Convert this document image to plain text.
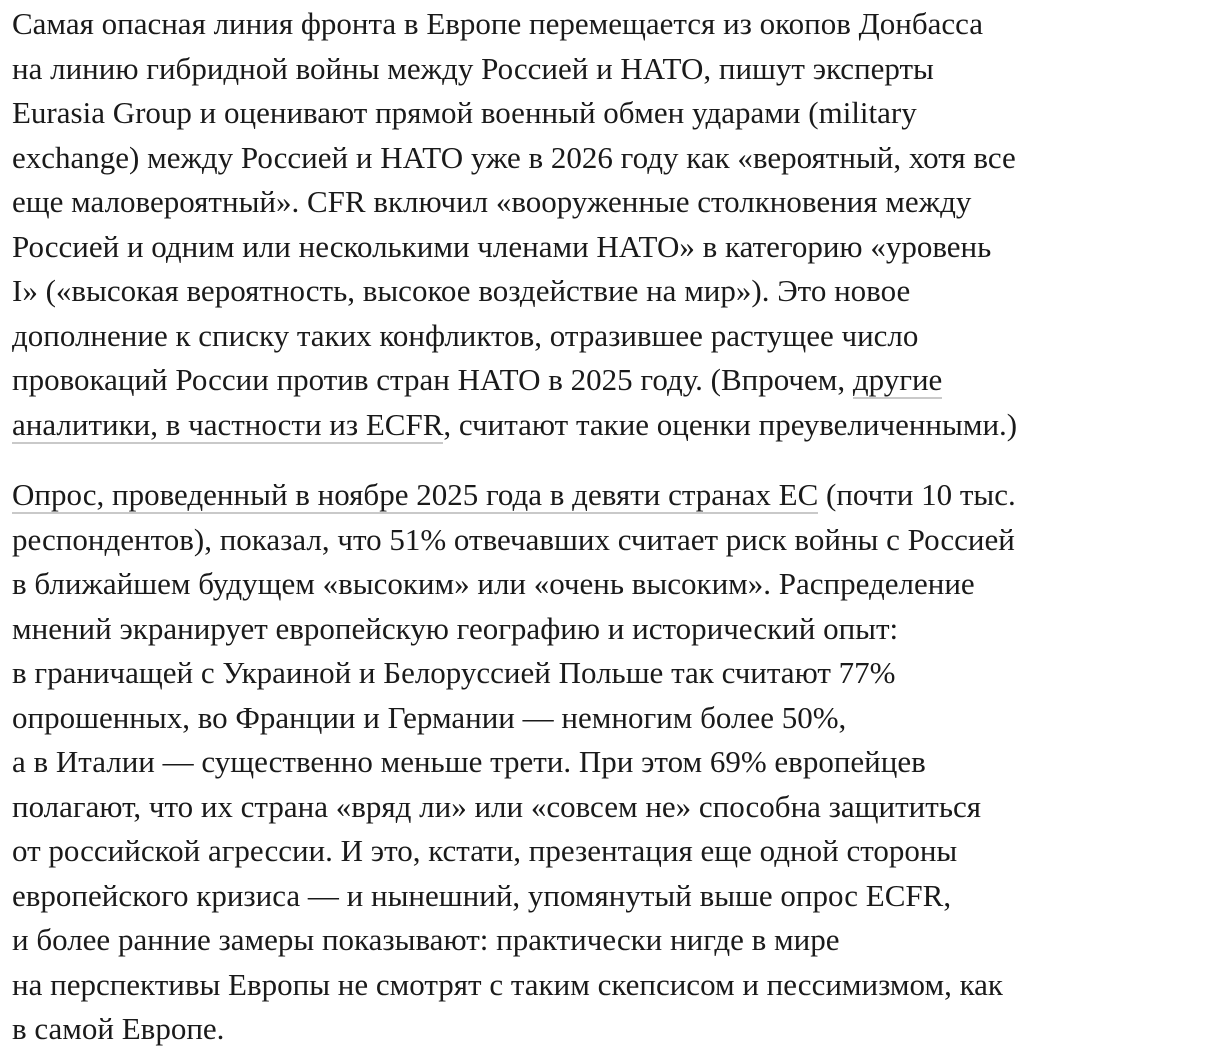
Самая опасная линия фронта в Европе перемещается из окопов Донбасса
на линию гибридной войны между Россией и НАТО, пишут эксперты
Eurasia Group и оценивают прямой военный обмен ударами (military
exchange) между Россией и НАТО уже в 2026 году как «вероятный, хотя все
еще маловероятный». CFR включил «вооруженные столкновения между
Россией и одним или несколькими членами НАТО» в категорию «уровень
I» («высокая вероятность, высокое воздействие на мир»). Это новое
дополнение к списку таких конфликтов, отразившее растущее число
провокаций России против стран НАТО в 2025 году. (Впрочем, другие
аналитики, в частности из ECFR, считают такие оценки преувеличенными.)

Опрос, проведенный в ноябре 2025 года в девяти странах ЕС (почти 10 тыс.
респондентов), показал, что 51% отвечавших считает риск войны с Россией
в ближайшем будущем «высоким» или «очень высоким». Распределение
мнений экранирует европейскую географию и исторический опыт:
в граничащей с Украиной и Белоруссией Польше так считают 77%
опрошенных, во Франции и Германии — немногим более 50%,
а в Италии — существенно меньше трети. При этом 69% европейцев
полагают, что их страна «вряд ли» или «совсем не» способна защититься
от российской агрессии. И это, кстати, презентация еще одной стороны
европейского кризиса — и нынешний, упомянутый выше опрос ECFR,
и более ранние замеры показывают: практически нигде в мире
на перспективы Европы не смотрят с таким скепсисом и пессимизмом, как
в самой Европе.
